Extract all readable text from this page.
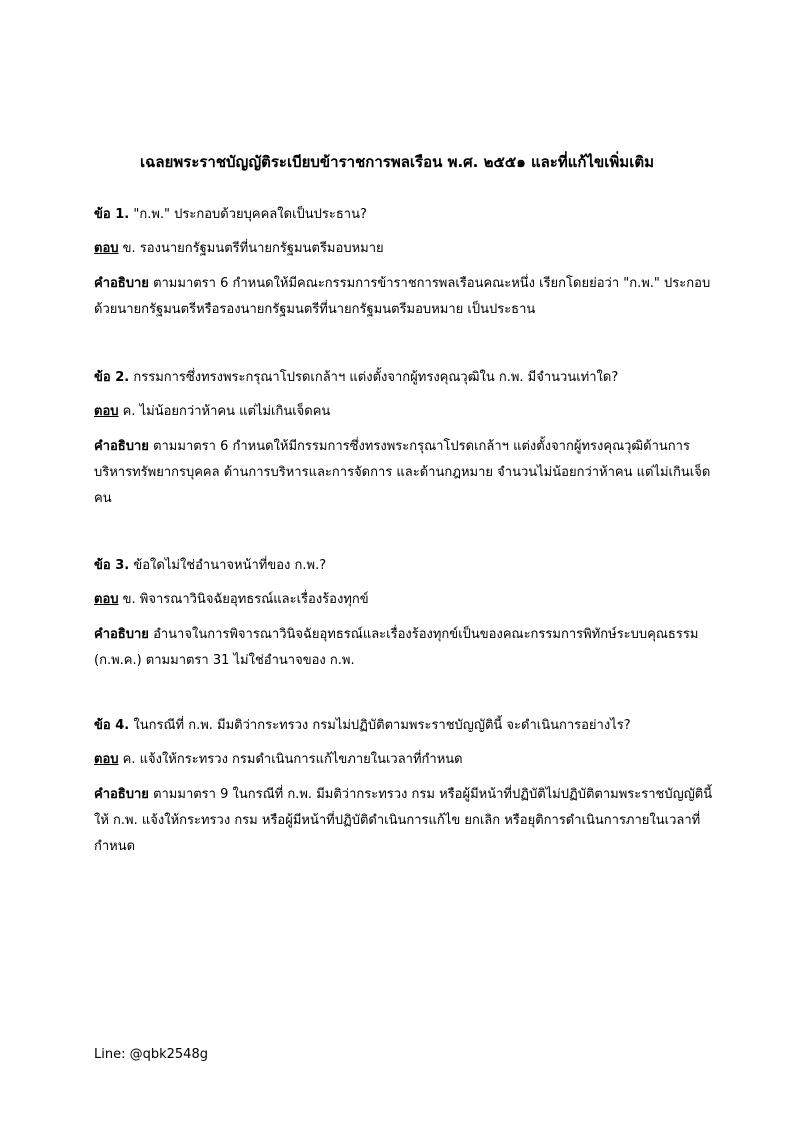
เฉลยพระราชบัญญัติระเบียบข้าราชการพลเรือน พ.ศ. ๒๕๕๑ และที่แก้ไขเพิ่มเติม
ข้อ 1. "ก.พ." ประกอบด้วยบุคคลใดเป็นประธาน?
ตอบ ข. รองนายกรัฐมนตรีที่นายกรัฐมนตรีมอบหมาย
คำอธิบาย ตามมาตรา 6 กำหนดให้มีคณะกรรมการข้าราชการพลเรือนคณะหนึ่ง เรียกโดยย่อว่า "ก.พ." ประกอบด้วยนายกรัฐมนตรีหรือรองนายกรัฐมนตรีที่นายกรัฐมนตรีมอบหมาย เป็นประธาน
ข้อ 2. กรรมการซึ่งทรงพระกรุณาโปรดเกล้าฯ แต่งตั้งจากผู้ทรงคุณวุฒิใน ก.พ. มีจำนวนเท่าใด?
ตอบ ค. ไม่น้อยกว่าห้าคน แต่ไม่เกินเจ็ดคน
คำอธิบาย ตามมาตรา 6 กำหนดให้มีกรรมการซึ่งทรงพระกรุณาโปรดเกล้าฯ แต่งตั้งจากผู้ทรงคุณวุฒิด้านการบริหารทรัพยากรบุคคล ด้านการบริหารและการจัดการ และด้านกฎหมาย จำนวนไม่น้อยกว่าห้าคน แต่ไม่เกินเจ็ดคน
ข้อ 3. ข้อใดไม่ใช่อำนาจหน้าที่ของ ก.พ.?
ตอบ ข. พิจารณาวินิจฉัยอุทธรณ์และเรื่องร้องทุกข์
คำอธิบาย อำนาจในการพิจารณาวินิจฉัยอุทธรณ์และเรื่องร้องทุกข์เป็นของคณะกรรมการพิทักษ์ระบบคุณธรรม (ก.พ.ค.) ตามมาตรา 31 ไม่ใช่อำนาจของ ก.พ.
ข้อ 4. ในกรณีที่ ก.พ. มีมติว่ากระทรวง กรมไม่ปฏิบัติตามพระราชบัญญัตินี้ จะดำเนินการอย่างไร?
ตอบ ค. แจ้งให้กระทรวง กรมดำเนินการแก้ไขภายในเวลาที่กำหนด
คำอธิบาย ตามมาตรา 9 ในกรณีที่ ก.พ. มีมติว่ากระทรวง กรม หรือผู้มีหน้าที่ปฏิบัติไม่ปฏิบัติตามพระราชบัญญัตินี้ ให้ ก.พ. แจ้งให้กระทรวง กรม หรือผู้มีหน้าที่ปฏิบัติดำเนินการแก้ไข ยกเลิก หรือยุติการดำเนินการภายในเวลาที่กำหนด
Line: @qbk2548g
